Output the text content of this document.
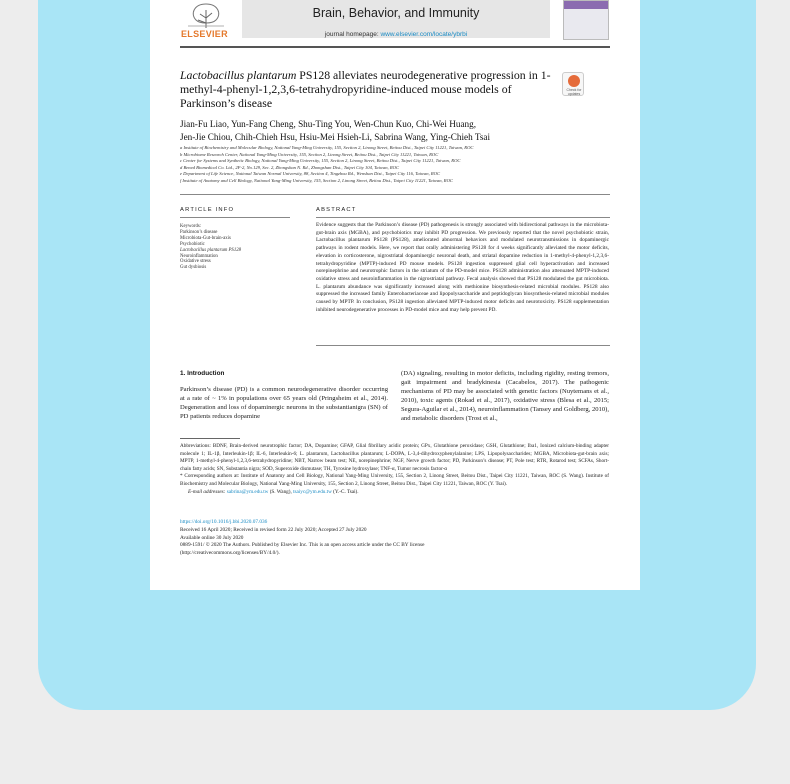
ELSEVIER
Brain, Behavior, and Immunity
journal homepage: www.elsevier.com/locate/ybrbi
Lactobacillus plantarum PS128 alleviates neurodegenerative progression in 1-methyl-4-phenyl-1,2,3,6-tetrahydropyridine-induced mouse models of Parkinson’s disease
Check for updates
Jian-Fu Liao, Yun-Fang Cheng, Shu-Ting You, Wen-Chun Kuo, Chi-Wei Huang,
Jen-Jie Chiou, Chih-Chieh Hsu, Hsiu-Mei Hsieh-Li, Sabrina Wang, Ying-Chieh Tsai
a Institute of Biochemistry and Molecular Biology, National Yang-Ming University, 155, Section 2, Linong Street, Beitou Dist., Taipei City 11221, Taiwan, ROC
b Microbiome Research Center, National Yang-Ming University, 155, Section 2, Linong Street, Beitou Dist., Taipei City 11221, Taiwan, ROC
c Center for Systems and Synthetic Biology, National Yang-Ming University, 155, Section 2, Linong Street, Beitou Dist., Taipei City 11221, Taiwan, ROC
d Bened Biomedical Co. Ltd., 2F-2, No.129, Sec. 2, Zhongshan N. Rd., Zhongshan Dist., Taipei City 104, Taiwan, ROC
e Department of Life Science, National Taiwan Normal University, 88, Section 4, Tingzhou Rd., Wenshan Dist., Taipei City 116, Taiwan, ROC
f Institute of Anatomy and Cell Biology, National Yang-Ming University, 155, Section 2, Linong Street, Beitou Dist., Taipei City 11221, Taiwan, ROC
ARTICLE INFO
Keywords:
Parkinson’s disease
Microbiota-Gut-brain-axis
Psychobiotic
Lactobacillus plantarum PS128
Neuroinflammation
Oxidative stress
Gut dysbiosis
ABSTRACT
Evidence suggests that the Parkinson’s disease (PD) pathogenesis is strongly associated with bidirectional pathways in the microbiota-gut-brain axis (MGBA), and psychobiotics may inhibit PD progression. We previously reported that the novel psychobiotic strain, Lactobacillus plantarum PS128 (PS128), ameliorated abnormal behaviors and modulated neurotransmissions in dopaminergic pathways in rodent models. Here, we report that orally administering PS128 for 4 weeks significantly alleviated the motor deficits, elevation in corticosterone, nigrostriatal dopaminergic neuronal death, and striatal dopamine reduction in 1-methyl-4-phenyl-1,2,3,6-tetrahydropyridine (MPTP)-induced PD mouse models. PS128 ingestion suppressed glial cell hyperactivation and increased norepinephrine and neurotrophic factors in the striatum of the PD-model mice. PS128 administration also attenuated MPTP-induced oxidative stress and neuroinflammation in the nigrostriatal pathway. Fecal analysis showed that PS128 modulated the gut microbiota. L. plantarum abundance was significantly increased along with methionine biosynthesis-related microbial modules. PS128 also suppressed the increased family Enterobacteriaceae and lipopolysaccharide and peptidoglycan biosynthesis-related microbial modules caused by MPTP. In conclusion, PS128 ingestion alleviated MPTP-induced motor deficits and neurotoxicity. PS128 supplementation inhibited neurodegenerative processes in PD-model mice and may help prevent PD.
1. Introduction
Parkinson’s disease (PD) is a common neurodegenerative disorder occurring at a rate of ~ 1% in populations over 65 years old (Pringsheim et al., 2014). Degeneration and loss of dopaminergic neurons in the substantianigra (SN) of PD patients reduces dopamine
(DA) signaling, resulting in motor deficits, including rigidity, resting tremors, gait impairment and bradykinesia (Cacabelos, 2017). The pathogenic mechanisms of PD may be associated with genetic factors (Nuytemans et al., 2010), toxic agents (Rokad et al., 2017), oxidative stress (Blesa et al., 2015; Segura-Aguilar et al., 2014), neuroinflammation (Tansey and Goldberg, 2010), and metabolic disorders (Trost et al.,
Abbreviations: BDNF, Brain-derived neurotrophic factor; DA, Dopamine; GFAP, Glial fibrillary acidic protein; GPx, Glutathione peroxidase; GSH, Glutathione; Iba1, Ionized calcium-binding adapter molecule 1; IL-1β, Interleukin-1β; IL-6, Interleukin-6; L. plantarum, Lactobacillus plantarum; L-DOPA, L-3,4-dihydroxyphenylalanine; LPS, Lipopolysaccharides; MGBA, Microbiota-gut-brain axis; MPTP, 1-methyl-4-phenyl-1,2,3,6-tetrahydropyridine; NBT, Narrow beam test; NE, norepinephrine; NGF, Nerve growth factor; PD, Parkinson’s disease; PT, Pole test; RTR, Rotarod test; SCFAs, Short-chain fatty acids; SN, Substantia nigra; SOD, Superoxide dismutase; TH, Tyrosine hydroxylase; TNF-α, Tumor necrosis factor-α
* Corresponding authors at: Institute of Anatomy and Cell Biology, National Yang-Ming University, 155, Section 2, Linong Street, Beitou Dist., Taipei City 11221, Taiwan, ROC (S. Wang). Institute of Biochemistry and Molecular Biology, National Yang-Ming University, 155, Section 2, Linong Street, Beitou Dist., Taipei City 11221, Taiwan, ROC (Y. Tsai).
E-mail addresses: sabrina@ym.edu.tw (S. Wang), tsaiyc@ym.edu.tw (Y.-C. Tsai).
https://doi.org/10.1016/j.bbi.2020.07.036
Received 16 April 2020; Received in revised form 22 July 2020; Accepted 27 July 2020
Available online 30 July 2020
0889-1591/ © 2020 The Authors. Published by Elsevier Inc. This is an open access article under the CC BY license
(http://creativecommons.org/licenses/BY/4.0/).
